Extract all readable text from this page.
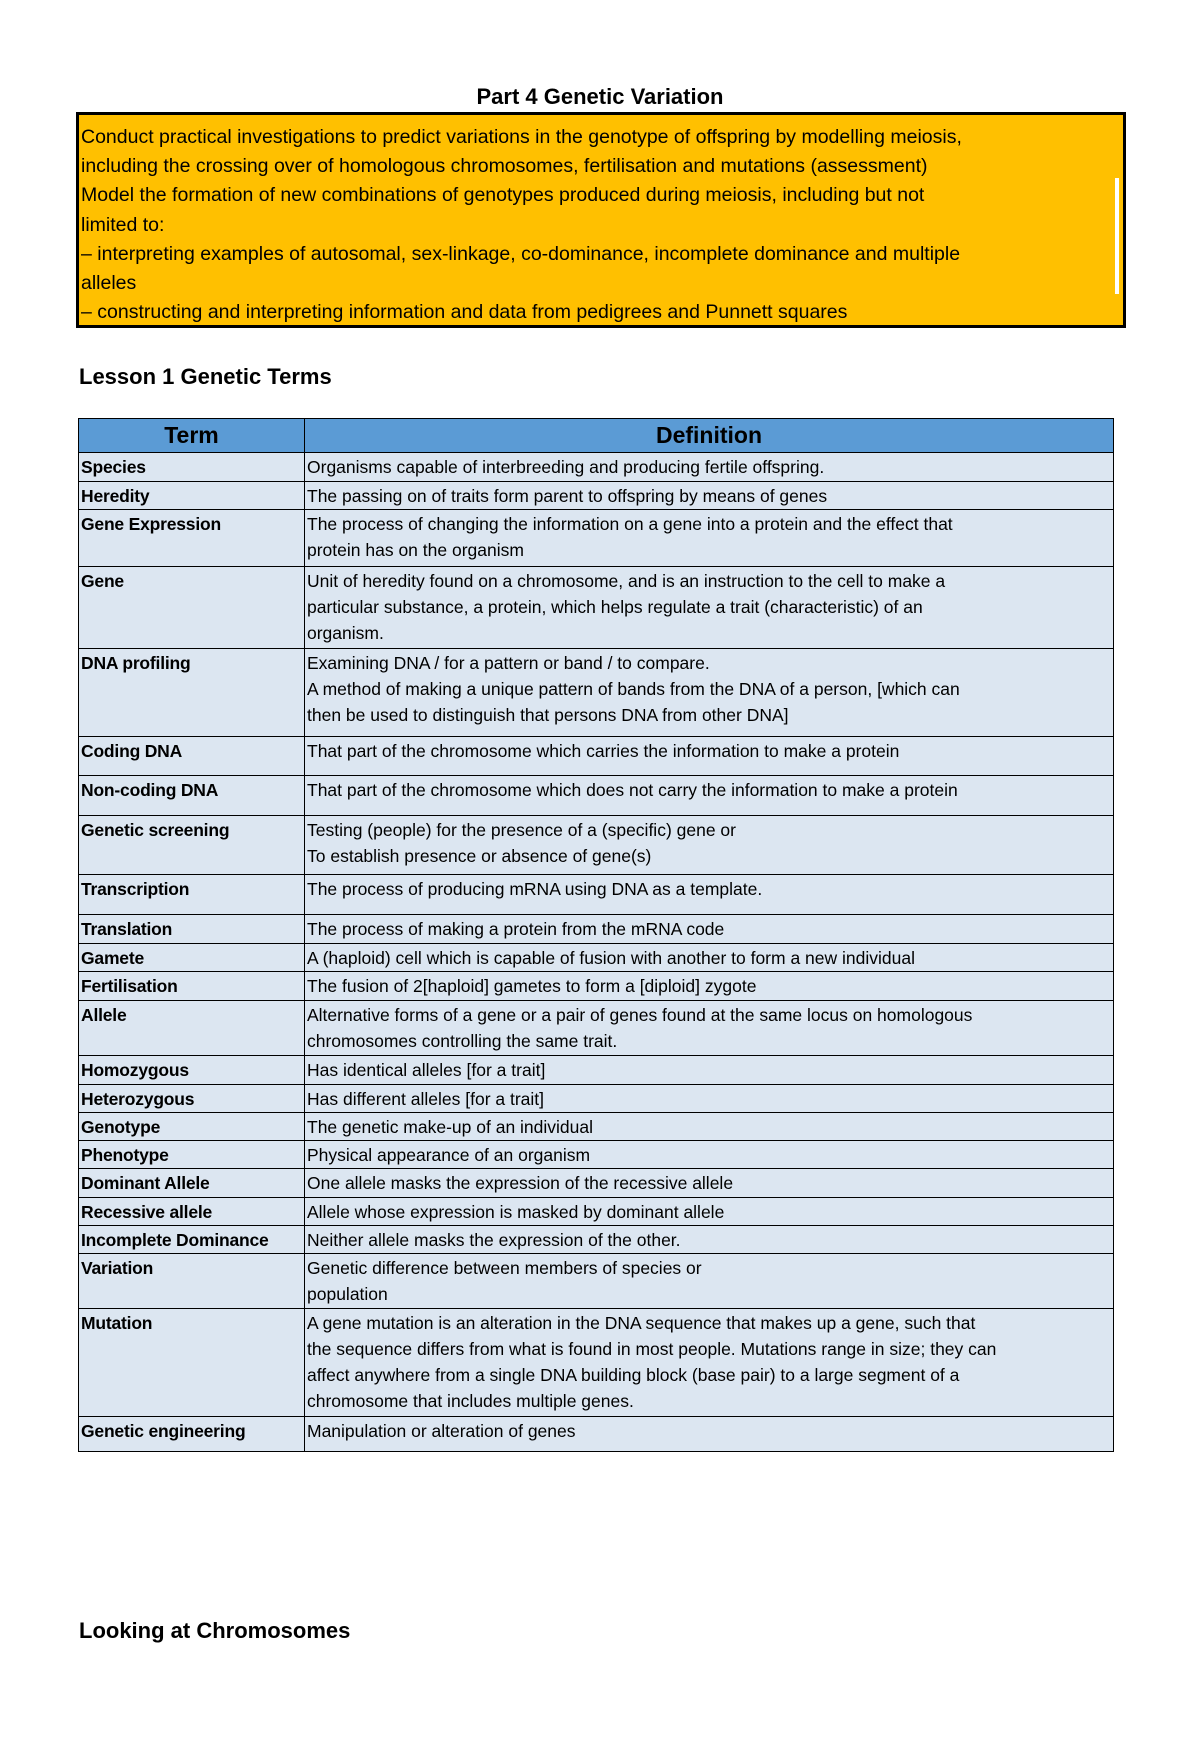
Part 4 Genetic Variation
Conduct practical investigations to predict variations in the genotype of offspring by modelling meiosis,
including the crossing over of homologous chromosomes, fertilisation and mutations (assessment)
Model the formation of new combinations of genotypes produced during meiosis, including but not
limited to:
– interpreting examples of autosomal, sex-linkage, co-dominance, incomplete dominance and multiple
alleles
– constructing and interpreting information and data from pedigrees and Punnett squares
Lesson 1 Genetic Terms
Term	Definition
Species	Organisms capable of interbreeding and producing fertile offspring.
Heredity	The passing on of traits form parent to offspring by means of genes
Gene Expression	The process of changing the information on a gene into a protein and the effect that
protein has on the organism
Gene	Unit of heredity found on a chromosome, and is an instruction to the cell to make a
particular substance, a protein, which helps regulate a trait (characteristic) of an
organism.
DNA profiling	Examining DNA / for a pattern or band / to compare.
A method of making a unique pattern of bands from the DNA of a person, [which can
then be used to distinguish that persons DNA from other DNA]
Coding DNA	That part of the chromosome which carries the information to make a protein
Non-coding DNA	That part of the chromosome which does not carry the information to make a protein
Genetic screening	Testing (people) for the presence of a (specific) gene or
To establish presence or absence of gene(s)
Transcription	The process of producing mRNA using DNA as a template.
Translation	The process of making a protein from the mRNA code
Gamete	A (haploid) cell which is capable of fusion with another to form a new individual
Fertilisation	The fusion of 2[haploid] gametes to form a [diploid] zygote
Allele	Alternative forms of a gene or a pair of genes found at the same locus on homologous
chromosomes controlling the same trait.
Homozygous	Has identical alleles [for a trait]
Heterozygous	Has different alleles [for a trait]
Genotype	The genetic make-up of an individual
Phenotype	Physical appearance of an organism
Dominant Allele	One allele masks the expression of the recessive allele
Recessive allele	Allele whose expression is masked by dominant allele
Incomplete Dominance	Neither allele masks the expression of the other.
Variation	Genetic difference between members of species or
population
Mutation	A gene mutation is an alteration in the DNA sequence that makes up a gene, such that
the sequence differs from what is found in most people. Mutations range in size; they can
affect anywhere from a single DNA building block (base pair) to a large segment of a
chromosome that includes multiple genes.
Genetic engineering	Manipulation or alteration of genes
Looking at Chromosomes
